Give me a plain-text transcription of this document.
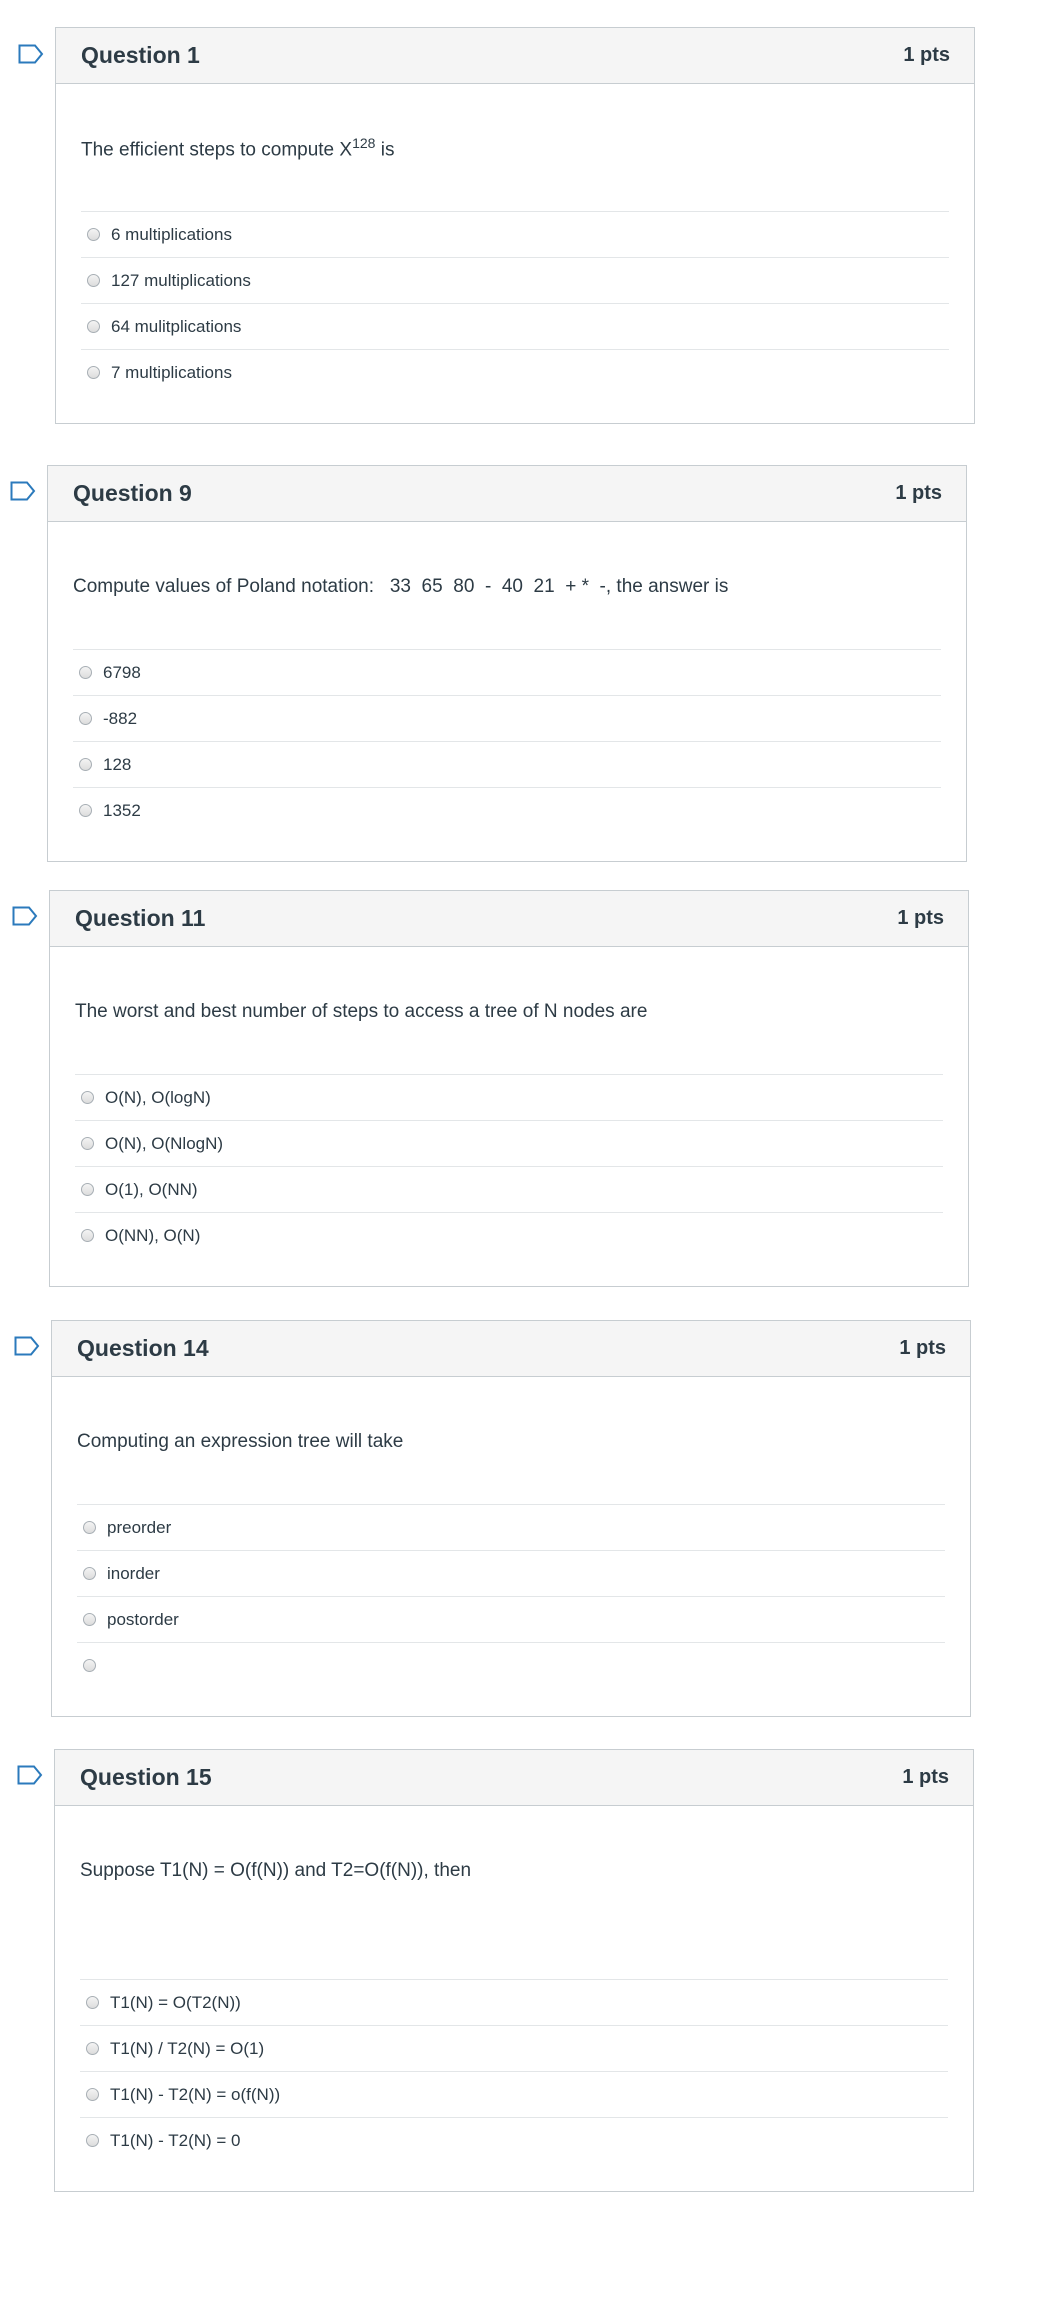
Question 1	1 pts
The efficient steps to compute $X^{128}$ is
6 multiplications
127 multiplications
64 mulitplications
7 multiplications
Question 9	1 pts
Compute values of Poland notation:   33  65  80  -  40  21  + *  -, the answer is
6798
-882
128
1352
Question 11	1 pts
The worst and best number of steps to access a tree of N nodes are
O(N), O(logN)
O(N), O(NlogN)
O(1), O(NN)
O(NN), O(N)
Question 14	1 pts
Computing an expression tree will take
preorder
inorder
postorder
Question 15	1 pts
Suppose T1(N) = O(f(N)) and T2=O(f(N)), then
T1(N) = O(T2(N))
T1(N) / T2(N) = O(1)
T1(N) - T2(N) = o(f(N))
T1(N) - T2(N) = 0
